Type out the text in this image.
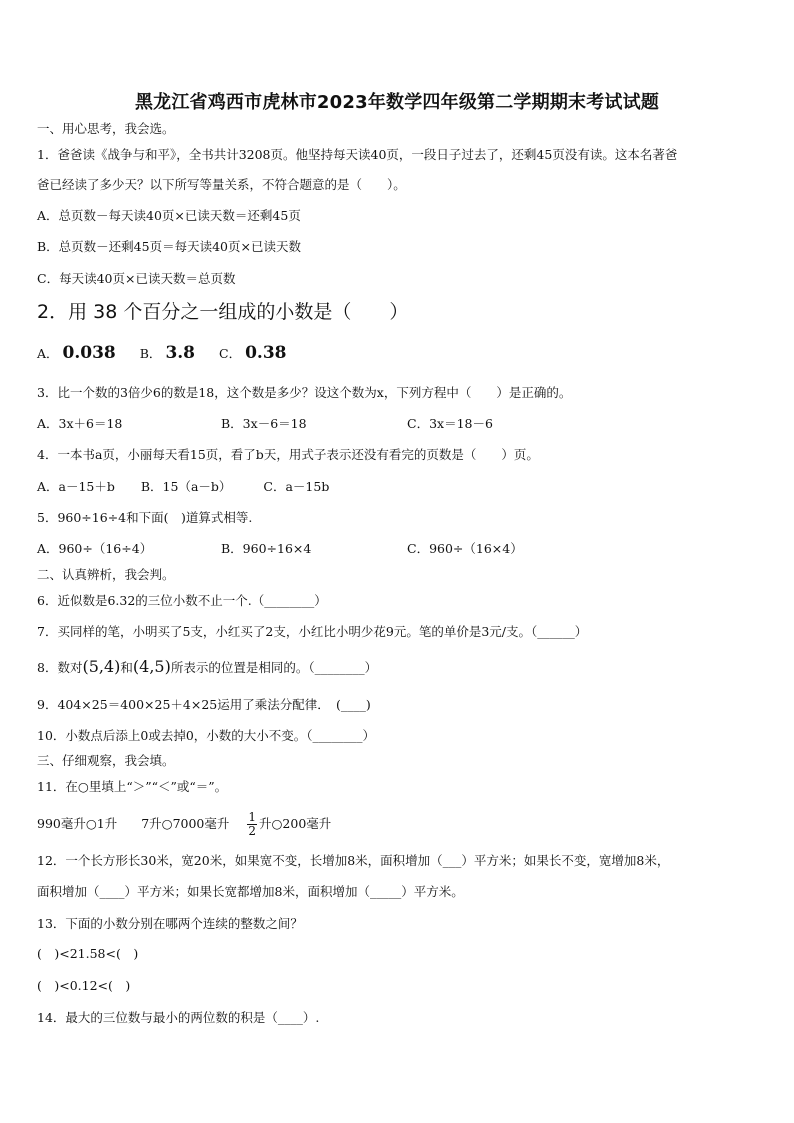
黑龙江省鸡西市虎林市2023年数学四年级第二学期期末考试试题
一、用心思考，我会选。
1．爸爸读《战争与和平》，全书共计3208页。他坚持每天读40页，一段日子过去了，还剩45页没有读。这本名著爸
爸已经读了多少天？以下所写等量关系，不符合题意的是（　　）。
A．总页数－每天读40页×已读天数＝还剩45页
B．总页数－还剩45页＝每天读40页×已读天数
C．每天读40页×已读天数＝总页数
2．用 38 个百分之一组成的小数是（　　）
A． 0.038 B． 3.8 C． 0.38
3．比一个数的3倍少6的数是18，这个数是多少？设这个数为x，下列方程中（　　）是正确的。
A．3x＋6＝18	B．3x－6＝18	C．3x＝18－6
4．一本书a页，小丽每天看15页，看了b天，用式子表示还没有看完的页数是（　　）页。
A．a－15＋b B．15（a－b）	C．a－15b
5．960÷16÷4和下面(　)道算式相等.
A．960÷（16÷4）	B．960÷16×4	C．960÷（16×4）
二、认真辨析，我会判。
6．近似数是6.32的三位小数不止一个.（________）
7．买同样的笔，小明买了5支，小红买了2支，小红比小明少花9元。笔的单价是3元/支。（______）
8．数对(5,4)和(4,5)所表示的位置是相同的。（________）
9．404×25＝400×25＋4×25运用了乘法分配律．　(____)
10．小数点后添上0或去掉0，小数的大小不变。（________）
三、仔细观察，我会填。
11．在○里填上“＞”“＜”或“＝”。
990毫升○1升 7升○7000毫升 $\frac{1}{2}$ 升○200毫升
12．一个长方形长30米，宽20米，如果宽不变，长增加8米，面积增加（___）平方米；如果长不变，宽增加8米，
面积增加（____）平方米；如果长宽都增加8米，面积增加（_____）平方米。
13．下面的小数分别在哪两个连续的整数之间？
(　)<21.58<(　)
(　)<0.12<(　)
14．最大的三位数与最小的两位数的积是（____）.
